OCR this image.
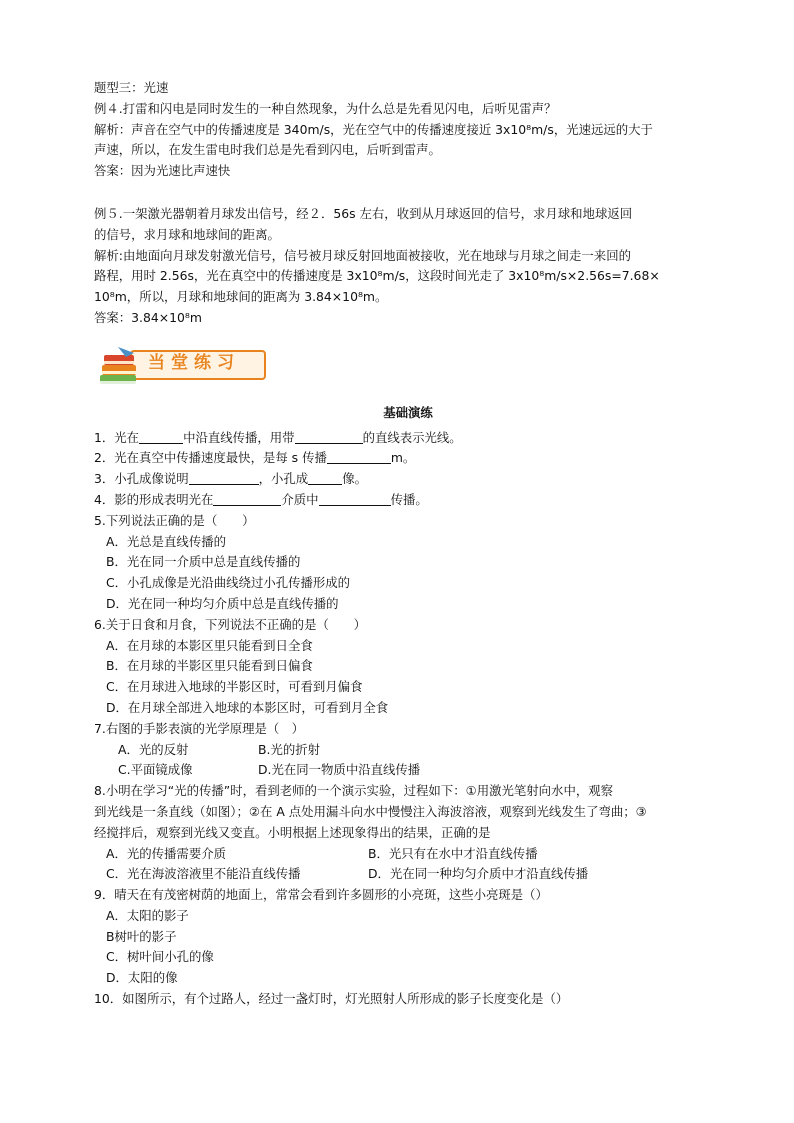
题型三：光速
例４.打雷和闪电是同时发生的一种自然现象，为什么总是先看见闪电，后听见雷声？
解析：声音在空气中的传播速度是 340m/s，光在空气中的传播速度接近 3x10⁸m/s，光速远远的大于
声速，所以，在发生雷电时我们总是先看到闪电，后听到雷声。
答案：因为光速比声速快
例５.一架激光器朝着月球发出信号，经２．56s 左右，收到从月球返回的信号，求月球和地球返回
的信号，求月球和地球间的距离。
解析:由地面向月球发射激光信号，信号被月球反射回地面被接收，光在地球与月球之间走一来回的
路程，用时 2.56s，光在真空中的传播速度是 3x10⁸m/s，这段时间光走了 3x10⁸m/s×2.56s=7.68×
10⁸m，所以，月球和地球间的距离为 3.84×10⁸m。
答案：3.84×10⁸m
当堂练习
基础演练
1．光在	中沿直线传播，用带	的直线表示光线。
2．光在真空中传播速度最快，是每 s 传播	m。
3．小孔成像说明	，小孔成	像。
4．影的形成表明光在	介质中	传播。
5.下列说法正确的是（　　）
A．光总是直线传播的
B．光在同一介质中总是直线传播的
C．小孔成像是光沿曲线绕过小孔传播形成的
D．光在同一种均匀介质中总是直线传播的
6.关于日食和月食，下列说法不正确的是（　　）
A．在月球的本影区里只能看到日全食
B．在月球的半影区里只能看到日偏食
C．在月球进入地球的半影区时，可看到月偏食
D．在月球全部进入地球的本影区时，可看到月全食
7.右图的手影表演的光学原理是（　）
A．光的反射	B.光的折射
C.平面镜成像	D.光在同一物质中沿直线传播
8.小明在学习“光的传播”时，看到老师的一个演示实验，过程如下：①用激光笔射向水中，观察
到光线是一条直线（如图）；②在 A 点处用漏斗向水中慢慢注入海波溶液，观察到光线发生了弯曲；③
经搅拌后，观察到光线又变直。小明根据上述现象得出的结果，正确的是
A．光的传播需要介质	B．光只有在水中才沿直线传播
C．光在海波溶液里不能沿直线传播	D．光在同一种均匀介质中才沿直线传播
9．晴天在有茂密树荫的地面上，常常会看到许多圆形的小亮斑，这些小亮斑是（）
A．太阳的影子
B树叶的影子
C．树叶间小孔的像
D．太阳的像
10．如图所示，有个过路人，经过一盏灯时，灯光照射人所形成的影子长度变化是（）
